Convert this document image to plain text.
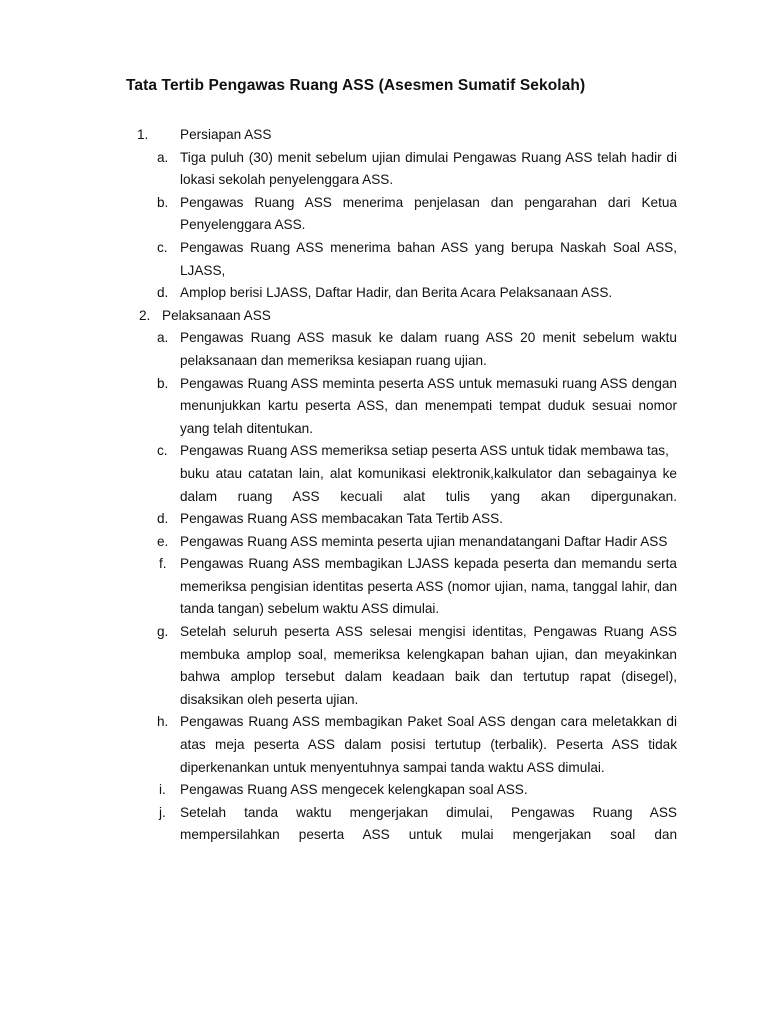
Tata Tertib Pengawas Ruang ASS (Asesmen Sumatif Sekolah)
1. Persiapan ASS
a. Tiga puluh (30) menit sebelum ujian dimulai Pengawas Ruang ASS telah hadir di lokasi sekolah penyelenggara ASS.
b. Pengawas Ruang ASS menerima penjelasan dan pengarahan dari Ketua Penyelenggara ASS.
c. Pengawas Ruang ASS menerima bahan ASS yang berupa Naskah Soal ASS, LJASS,
d. Amplop berisi LJASS, Daftar Hadir, dan Berita Acara Pelaksanaan ASS.
2. Pelaksanaan ASS
a. Pengawas Ruang ASS masuk ke dalam ruang ASS 20 menit sebelum waktu pelaksanaan dan memeriksa kesiapan ruang ujian.
b. Pengawas Ruang ASS meminta peserta ASS untuk memasuki ruang ASS dengan menunjukkan kartu peserta ASS, dan menempati tempat duduk sesuai nomor yang telah ditentukan.
c. Pengawas Ruang ASS memeriksa setiap peserta ASS untuk tidak membawa tas,
buku atau catatan lain, alat komunikasi elektronik,kalkulator dan sebagainya ke dalam ruang ASS kecuali alat tulis yang akan dipergunakan.
d. Pengawas Ruang ASS membacakan Tata Tertib ASS.
e. Pengawas Ruang ASS meminta peserta ujian menandatangani Daftar Hadir ASS
f. Pengawas Ruang ASS membagikan LJASS kepada peserta dan memandu serta memeriksa pengisian identitas peserta ASS (nomor ujian, nama, tanggal lahir, dan tanda tangan) sebelum waktu ASS dimulai.
g. Setelah seluruh peserta ASS selesai mengisi identitas, Pengawas Ruang ASS membuka amplop soal, memeriksa kelengkapan bahan ujian, dan meyakinkan bahwa amplop tersebut dalam keadaan baik dan tertutup rapat (disegel), disaksikan oleh peserta ujian.
h. Pengawas Ruang ASS membagikan Paket Soal ASS dengan cara meletakkan di atas meja peserta ASS dalam posisi tertutup (terbalik). Peserta ASS tidak diperkenankan untuk menyentuhnya sampai tanda waktu ASS dimulai.
i. Pengawas Ruang ASS mengecek kelengkapan soal ASS.
j. Setelah tanda waktu mengerjakan dimulai, Pengawas Ruang ASS mempersilahkan peserta ASS untuk mulai mengerjakan soal dan
